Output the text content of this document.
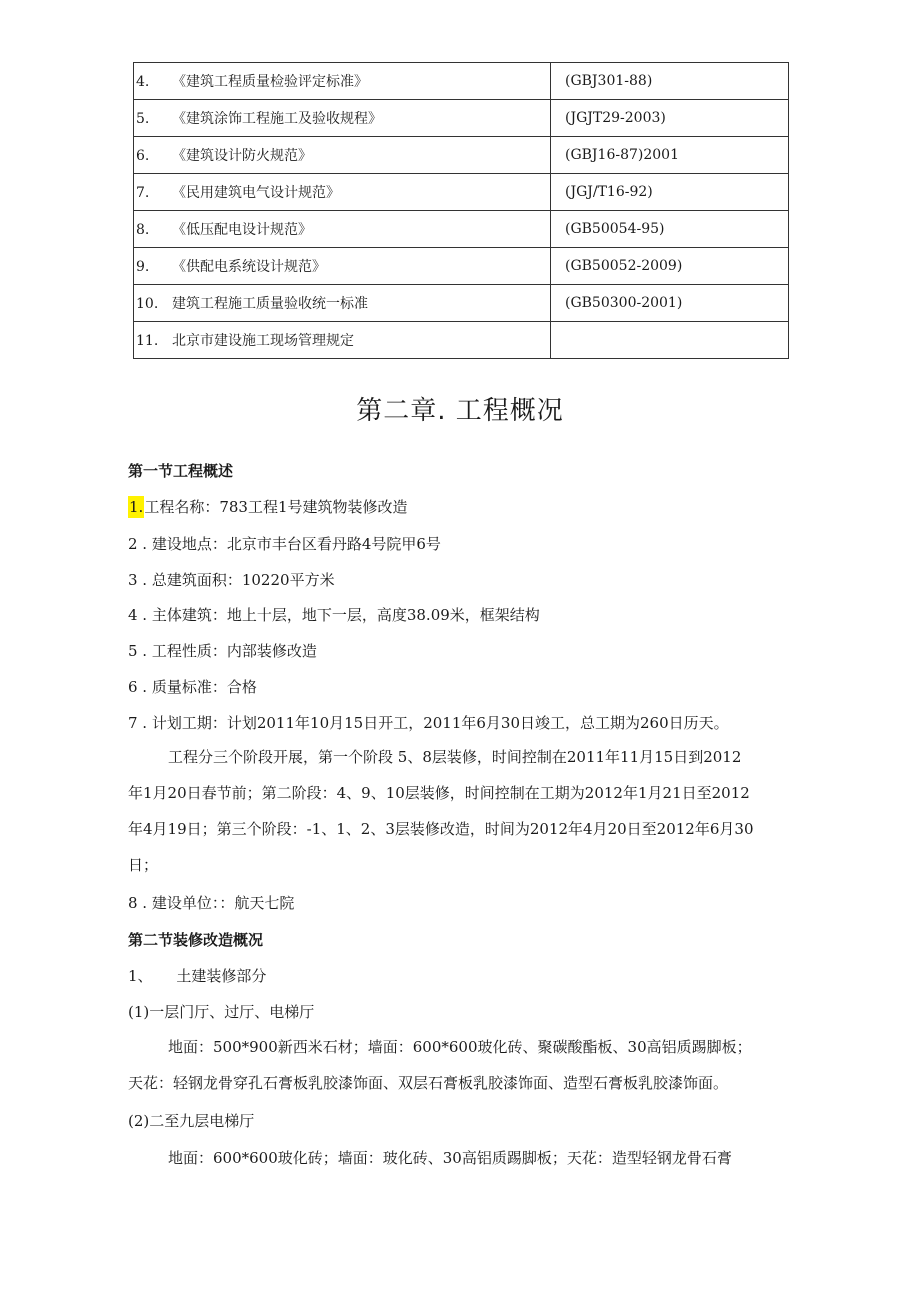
4. 《建筑工程质量检验评定标准》	(GBJ301-88)
5. 《建筑涂饰工程施工及验收规程》	(JGJT29-2003)
6. 《建筑设计防火规范》	(GBJ16-87)2001
7. 《民用建筑电气设计规范》	(JGJ/T16-92)
8. 《低压配电设计规范》	(GB50054-95)
9. 《供配电系统设计规范》	(GB50052-2009)
10. 建筑工程施工质量验收统一标准	(GB50300-2001)
11. 北京市建设施工现场管理规定	
第二章. 工程概况
第一节工程概述
1.工程名称：783工程1号建筑物装修改造
2 . 建设地点：北京市丰台区看丹路4号院甲6号
3 . 总建筑面积：10220平方米
4 . 主体建筑：地上十层，地下一层，高度38.09米，框架结构
5 . 工程性质：内部装修改造
6 . 质量标准：合格
7 . 计划工期：计划2011年10月15日开工，2011年6月30日竣工，总工期为260日历天。
工程分三个阶段开展，第一个阶段 5、8层装修，时间控制在2011年11月15日到2012
年1月20日春节前；第二阶段：4、9、10层装修，时间控制在工期为2012年1月21日至2012
年4月19日；第三个阶段：-1、1、2、3层装修改造，时间为2012年4月20日至2012年6月30
日；
8 . 建设单位：：航天七院
第二节装修改造概况
1、     土建装修部分
(1)一层门厅、过厅、电梯厅
地面：500*900新西米石材；墙面：600*600玻化砖、聚碳酸酯板、30高铝质踢脚板；
天花：轻钢龙骨穿孔石膏板乳胶漆饰面、双层石膏板乳胶漆饰面、造型石膏板乳胶漆饰面。
(2)二至九层电梯厅
地面：600*600玻化砖；墙面：玻化砖、30高铝质踢脚板；天花：造型轻钢龙骨石膏
